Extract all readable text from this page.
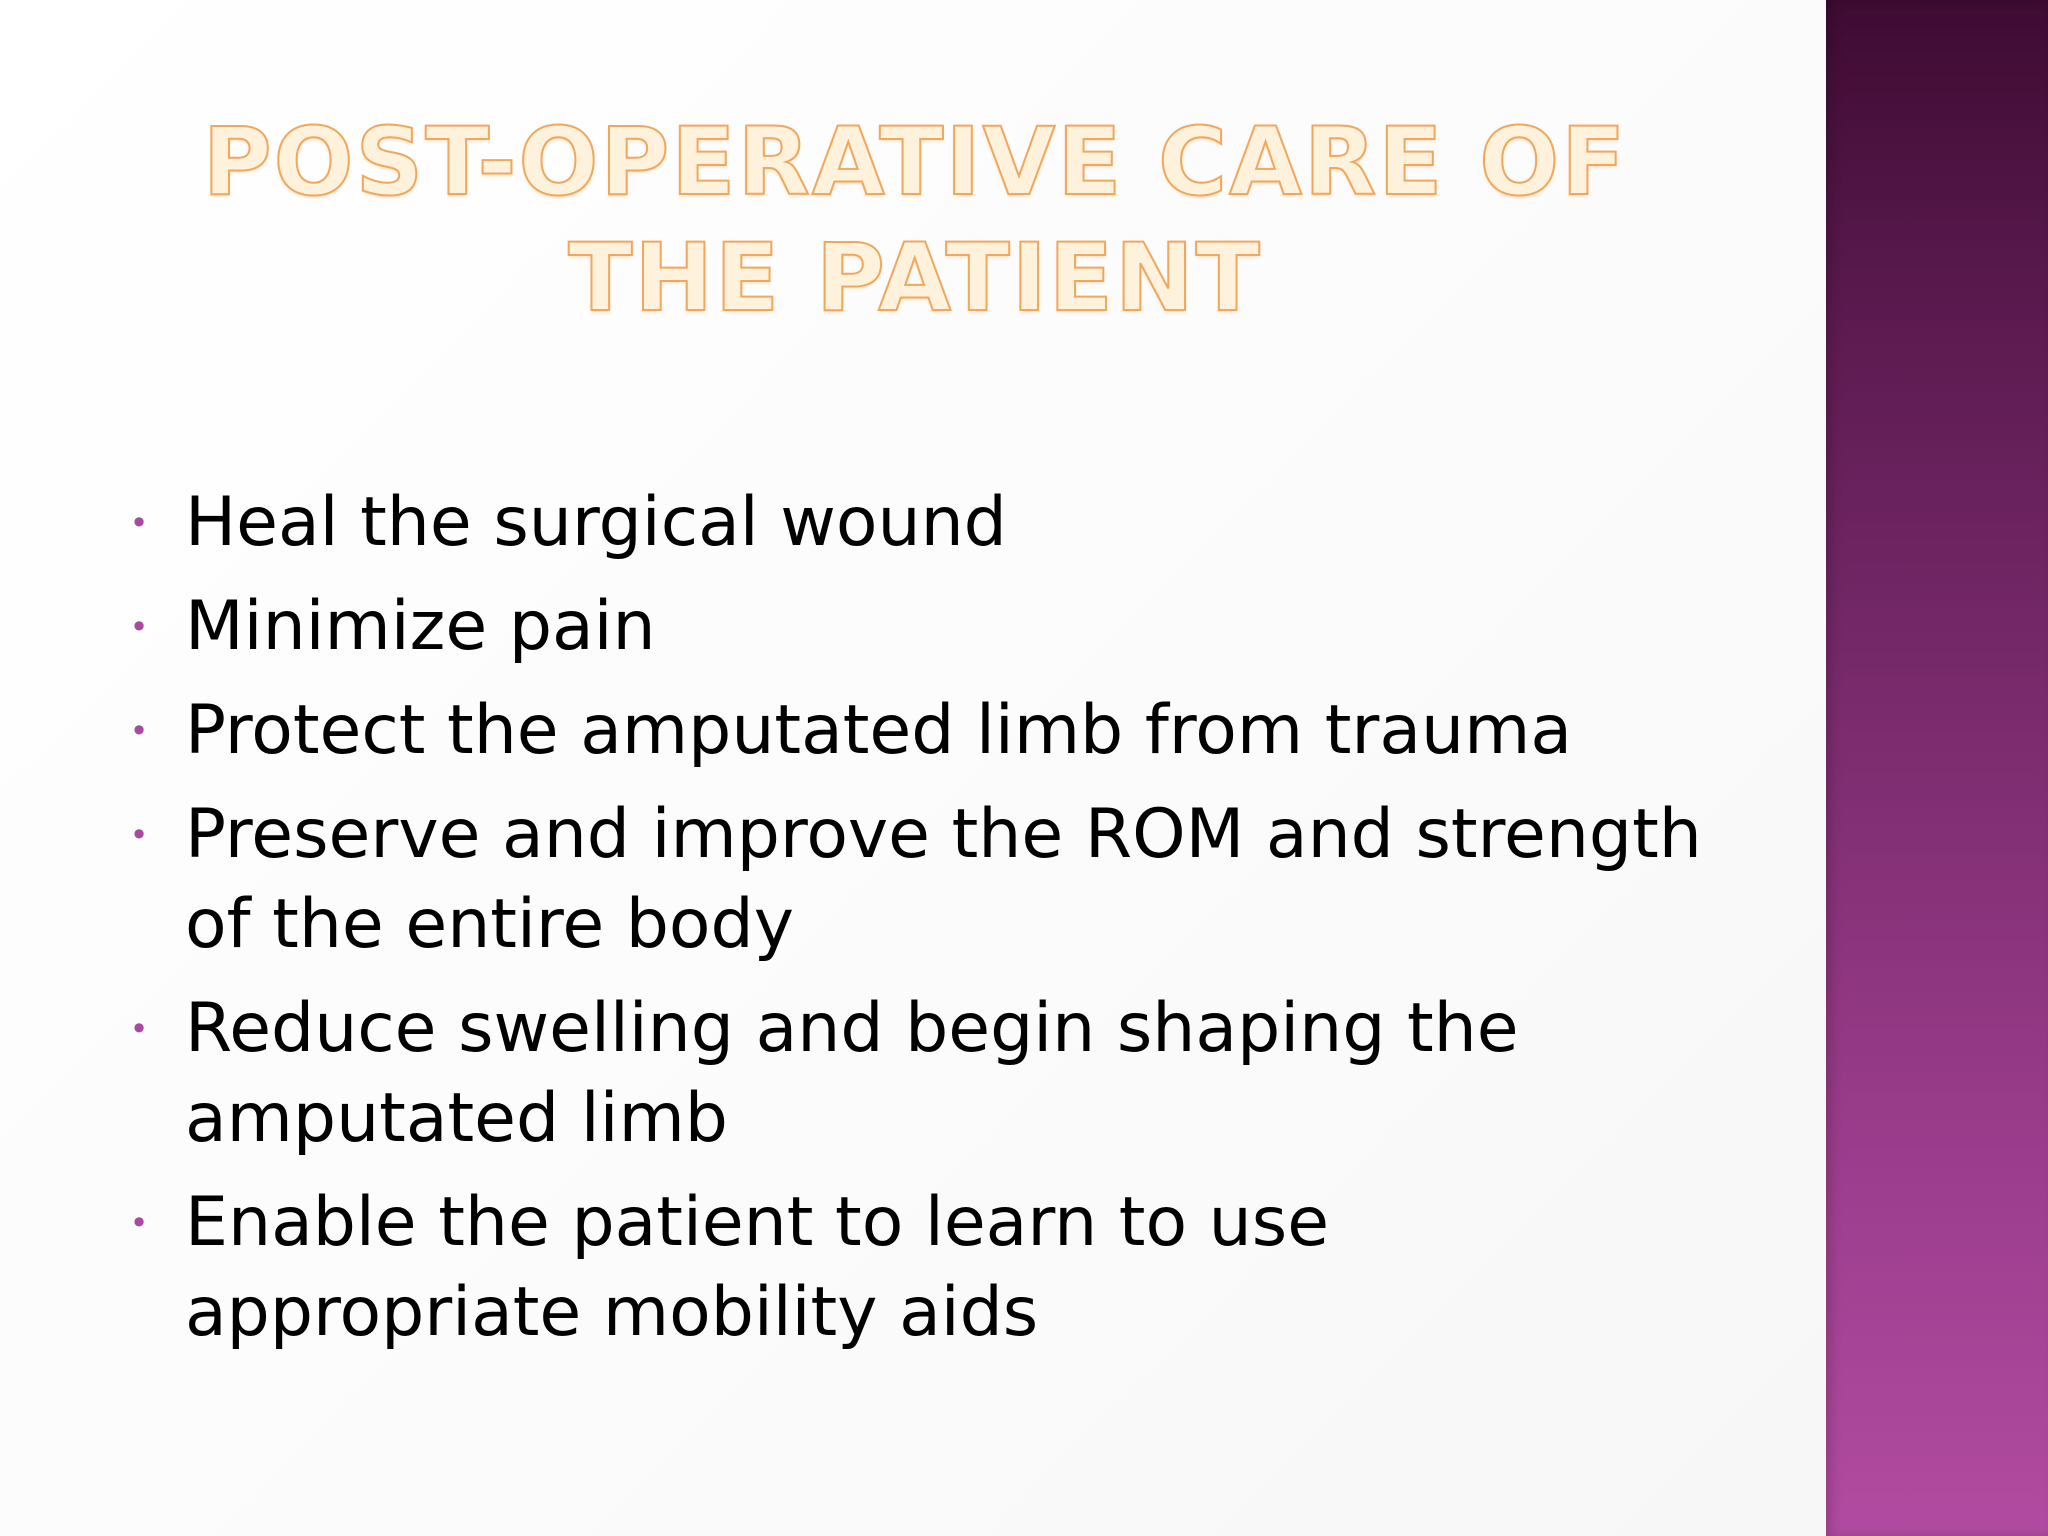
POST-OPERATIVE CARE OF THE PATIENT
• Heal the surgical wound
• Minimize pain
• Protect the amputated limb from trauma
• Preserve and improve the ROM and strength of the entire body
• Reduce swelling and begin shaping the amputated limb
• Enable the patient to learn to use appropriate mobility aids
